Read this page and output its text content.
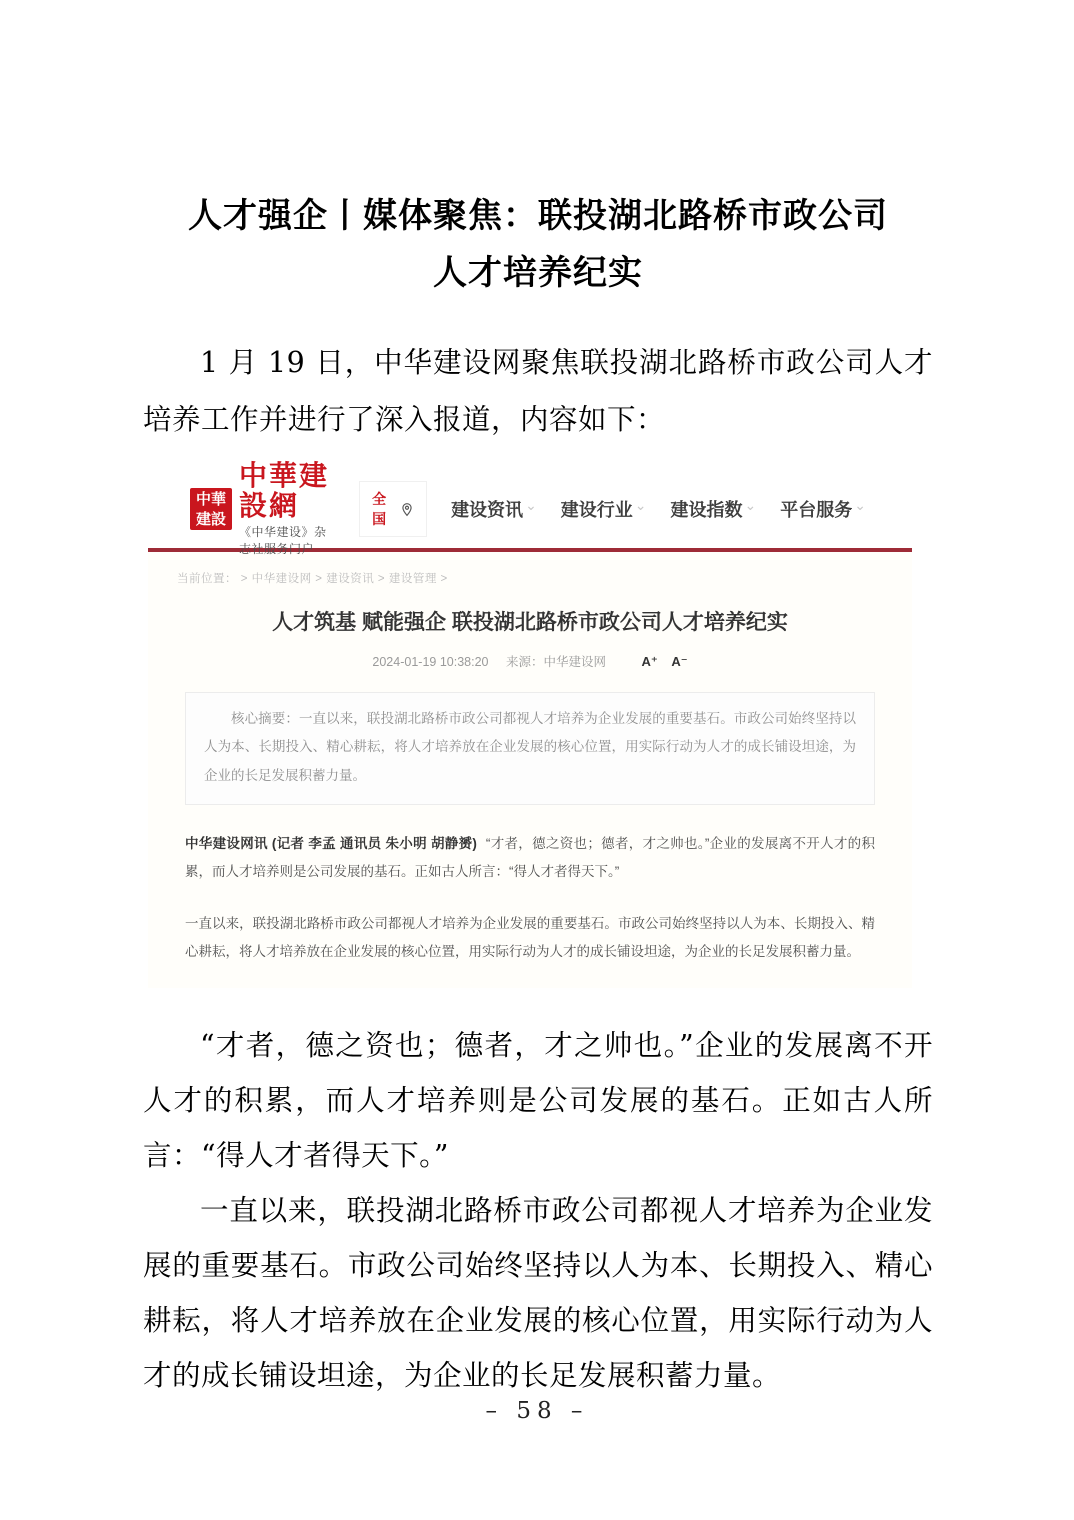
人才强企丨媒体聚焦：联投湖北路桥市政公司
人才培养纪实

1 月 19 日，中华建设网聚焦联投湖北路桥市政公司人才培养工作并进行了深入报道，内容如下：

中華
建設
中華建設網
《中华建设》杂志社服务门户
全国	建设资讯 ⌄ 建设行业 ⌄ 建设指数 ⌄ 平台服务
⌄
当前位置： > 中华建设网 > 建设资讯 > 建设管理 >
人才筑基 赋能强企 联投湖北路桥市政公司人才培养纪实
2024-01-19 10:38:20 来源：中华建设网	A⁺ A⁻
核心摘要：一直以来，联投湖北路桥市政公司都视人才培养为企业发展的重要基石。市政公司始终坚持以人为本、长期投入、精心耕耘，将人才培养放在企业发展的核心位置，用实际行动为人才的成长铺设坦途，为企业的长足发展积蓄力量。

中华建设网讯 (记者 李孟 通讯员 朱小明 胡静赟) “才者，德之资也；德者，才之帅也。”企业的发展离不开人才的积累，而人才培养则是公司发展的基石。正如古人所言：“得人才者得天下。”

一直以来，联投湖北路桥市政公司都视人才培养为企业发展的重要基石。市政公司始终坚持以人为本、长期投入、精心耕耘，将人才培养放在企业发展的核心位置，用实际行动为人才的成长铺设坦途，为企业的长足发展积蓄力量。

“才者，德之资也；德者，才之帅也。”企业的发展离不开人才的积累，而人才培养则是公司发展的基石。正如古人所言：“得人才者得天下。”

一直以来，联投湖北路桥市政公司都视人才培养为企业发展的重要基石。市政公司始终坚持以人为本、长期投入、精心耕耘，将人才培养放在企业发展的核心位置，用实际行动为人才的成长铺设坦途，为企业的长足发展积蓄力量。

– 58 –
